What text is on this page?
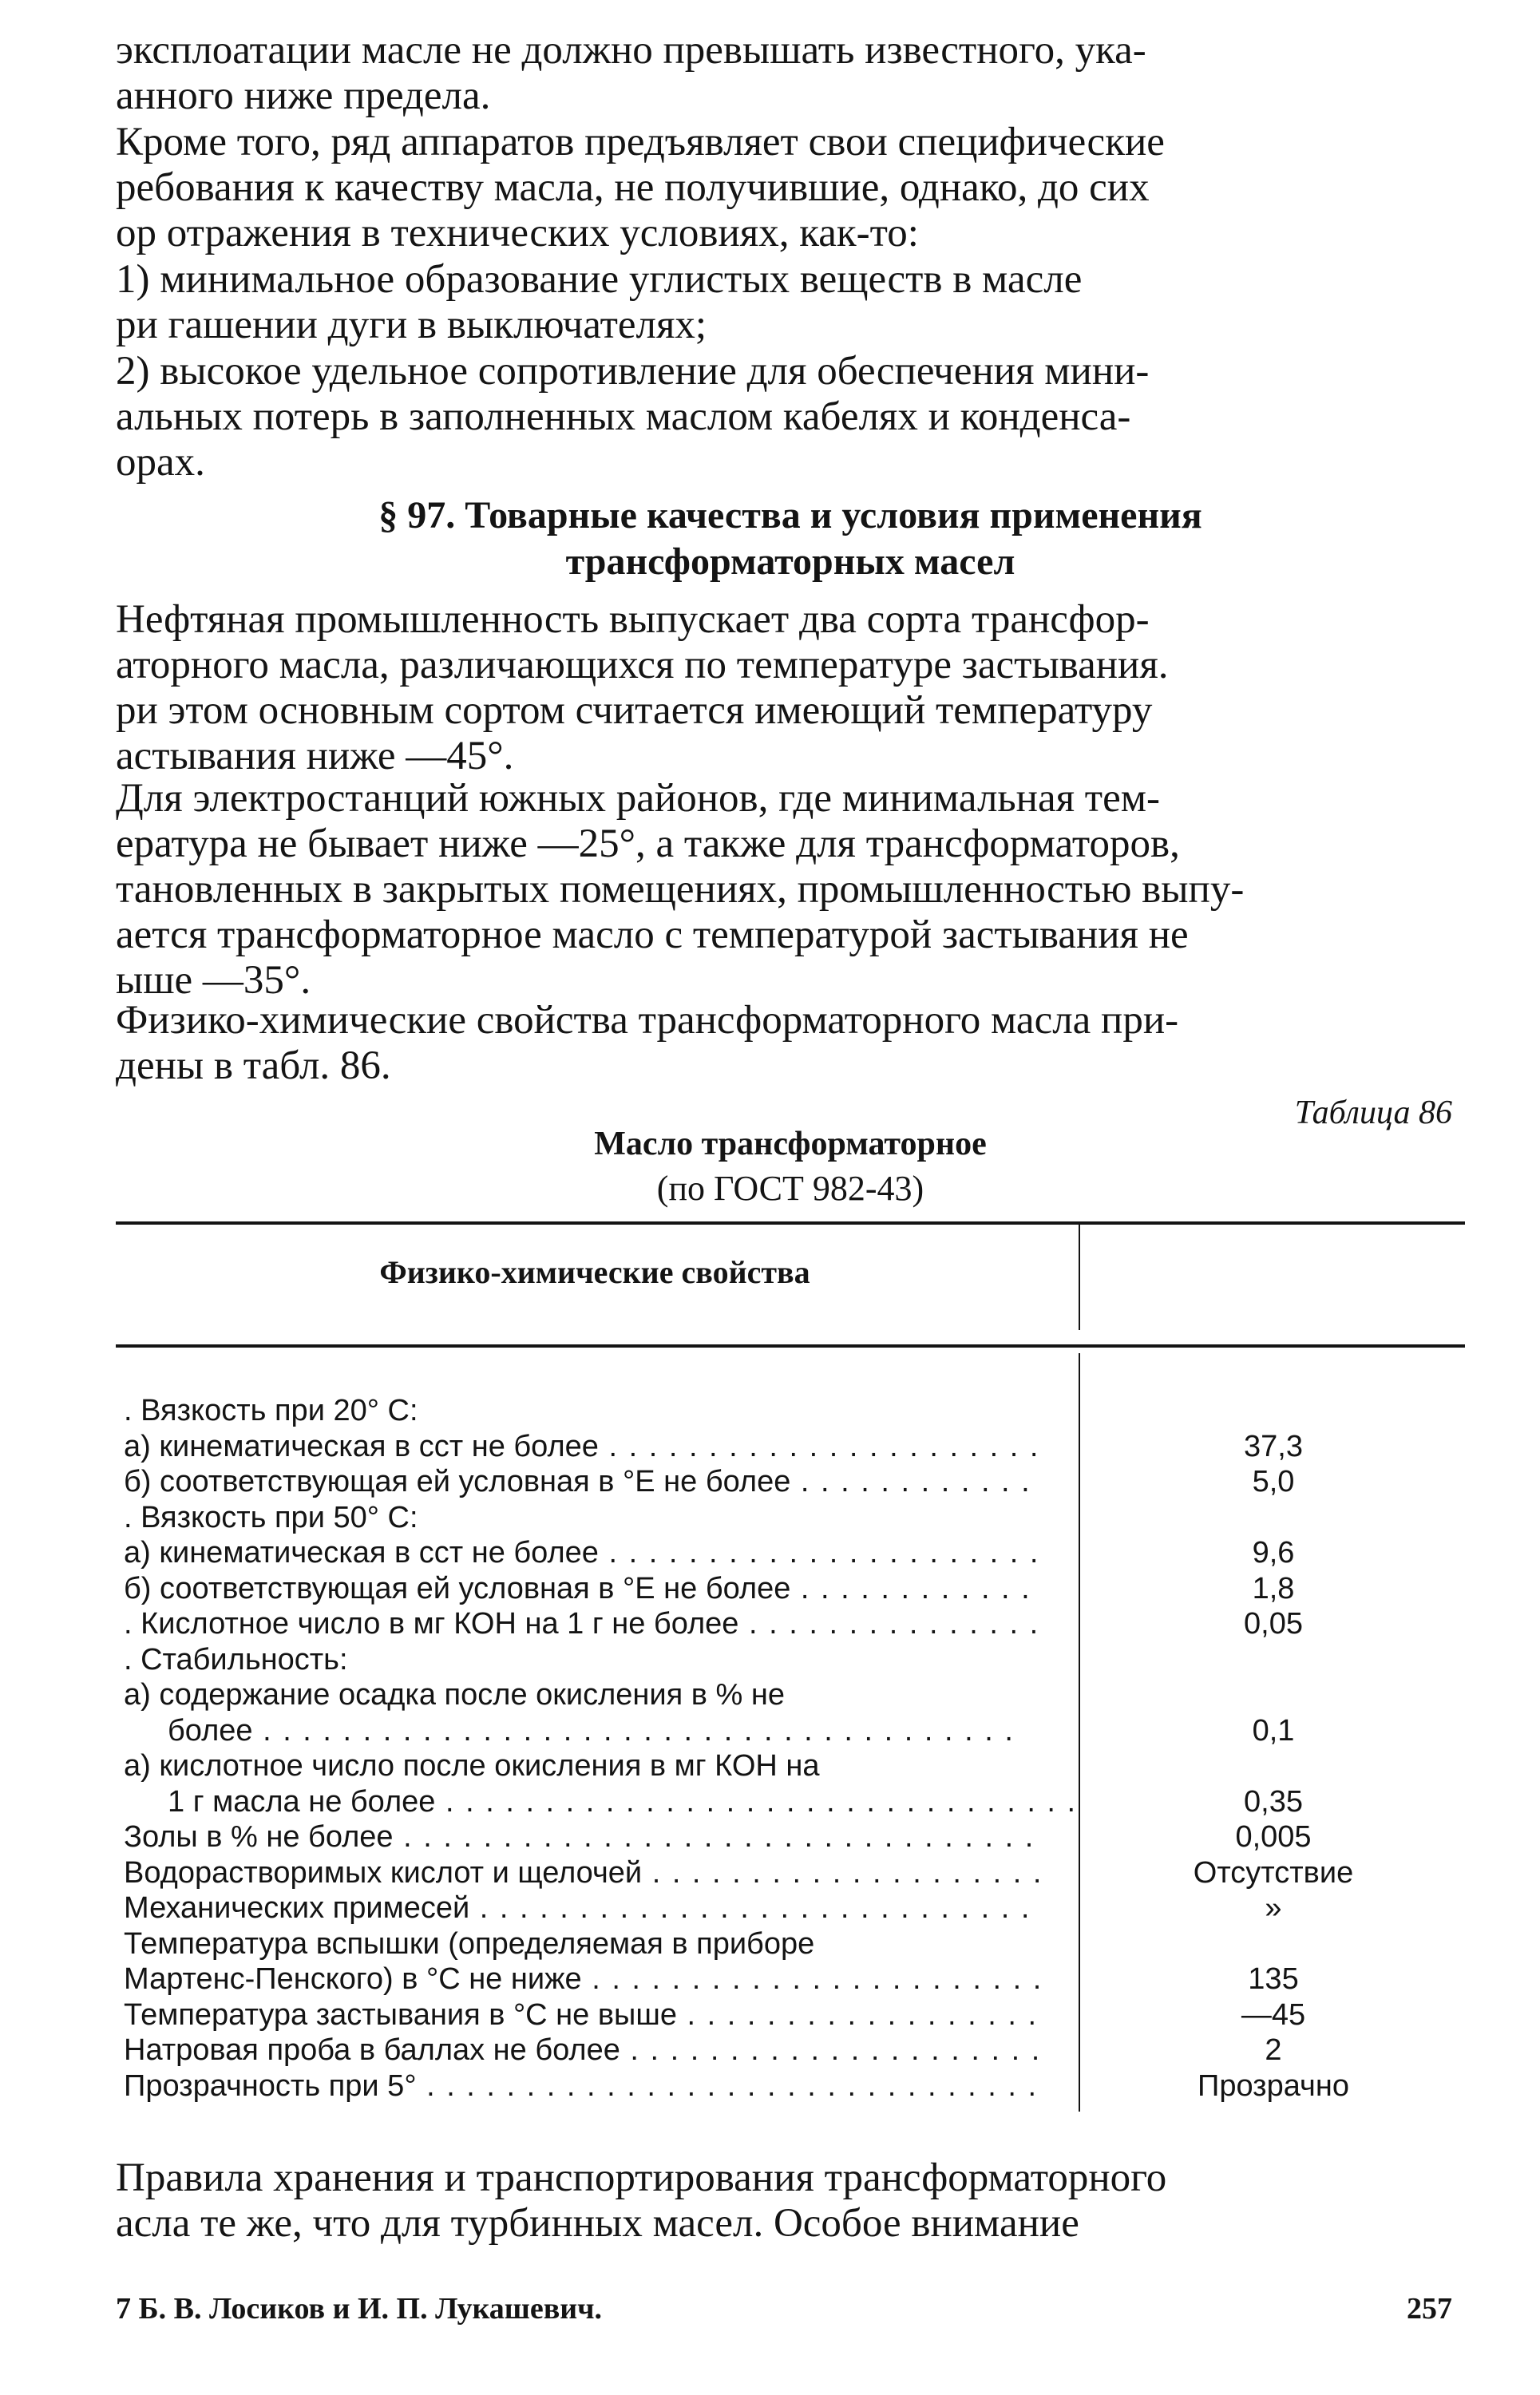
эксплоатации масле не должно превышать известного, ука-
анного ниже предела.

Кроме того, ряд аппаратов предъявляет свои специфические
ребования к качеству масла, не получившие, однако, до сих
ор отражения в технических условиях, как-то:

1) минимальное образование углистых веществ в масле
ри гашении дуги в выключателях;

2) высокое удельное сопротивление для обеспечения мини-
альных потерь в заполненных маслом кабелях и конденса-
орах.

§ 97. Товарные качества и условия применения
трансформаторных масел

Нефтяная промышленность выпускает два сорта трансфор-
аторного масла, различающихся по температуре застывания.
ри этом основным сортом считается имеющий температуру
астывания ниже —45°.

Для электростанций южных районов, где минимальная тем-
ература не бывает ниже —25°, а также для трансформаторов,
тановленных в закрытых помещениях, промышленностью выпу-
ается трансформаторное масло с температурой застывания не
ыше —35°.

Физико-химические свойства трансформаторного масла при-
дены в табл. 86.

Таблица 86
Масло трансформаторное
(по ГОСТ 982-43)
Физико-химические свойства
. Вязкость при 20° С:
а) кинематическая в сст не более . . .	37,3
б) соответствующая ей условная в °Е не более . . .	5,0
. Вязкость при 50° С:
а) кинематическая в сст не более . . .	9,6
б) соответствующая ей условная в °Е не более . . .	1,8
. Кислотное число в мг КОН на 1 г не более . . .	0,05
. Стабильность:
а) содержание осадка после окисления в % не
более . . .	0,1
а) кислотное число после окисления в мг КОН на
1 г масла не более . . .	0,35
Золы в % не более . . .	0,005
Водорастворимых кислот и щелочей . . .	Отсутствие
Механических примесей . . .	»
Температура вспышки (определяемая в приборе
Мартенс-Пенского) в °С не ниже . . .	135
Температура застывания в °С не выше . . .	—45
Натровая проба в баллах не более . . .	2
Прозрачность при 5° . . .	Прозрачно

Правила хранения и транспортирования трансформаторного
асла те же, что для турбинных масел. Особое внимание

7 Б. В. Лосиков и И. П. Лукашевич.	257
